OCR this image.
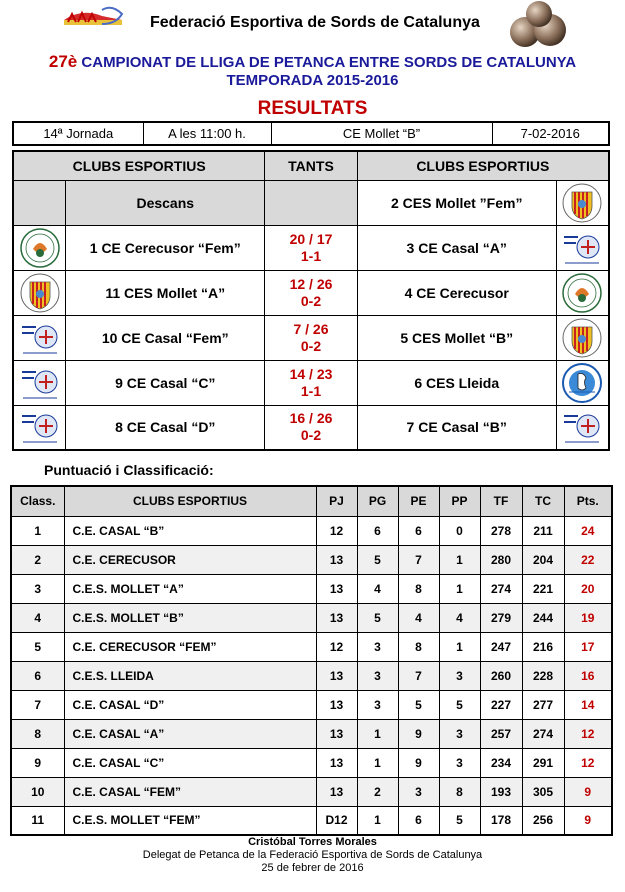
Federació Esportiva de Sords de Catalunya
27è CAMPIONAT DE LLIGA DE PETANCA ENTRE SORDS DE CATALUNYA
TEMPORADA 2015-2016
RESULTATS
14ª Jornada	A les 11:00 h.	CE Mollet “B”	7-02-2016
CLUBS ESPORTIUS		TANTS	CLUBS ESPORTIUS	
	Descans		2 CES Mollet ”Fem”	

	1 CE Cerecusor “Fem”	20 / 17
1-1	3 CE Casal “A”	

	11 CES Mollet “A”	12 / 26
0-2	4 CE Cerecusor	

	10 CE Casal “Fem”	7 / 26
0-2	5 CES Mollet “B”	

	9 CE Casal “C”	14 / 23
1-1	6 CES Lleida	

	8 CE Casal “D”	16 / 26
0-2	7 CE Casal “B”	
Puntuació i Classificació:
Class.	CLUBS ESPORTIUS	PJ	PG	PE	PP	TF	TC	Pts.
1	C.E. CASAL “B”	12	6	6	0	278	211	24
2	C.E. CERECUSOR	13	5	7	1	280	204	22
3	C.E.S. MOLLET “A”	13	4	8	1	274	221	20
4	C.E.S. MOLLET “B”	13	5	4	4	279	244	19
5	C.E. CERECUSOR “FEM”	12	3	8	1	247	216	17
6	C.E.S. LLEIDA	13	3	7	3	260	228	16
7	C.E. CASAL “D”	13	3	5	5	227	277	14
8	C.E. CASAL “A”	13	1	9	3	257	274	12
9	C.E. CASAL “C”	13	1	9	3	234	291	12
10	C.E. CASAL “FEM”	13	2	3	8	193	305	9
11	C.E.S. MOLLET “FEM”	D12	1	6	5	178	256	9
Cristóbal Torres Morales
Delegat de Petanca de la Federació Esportiva de Sords de Catalunya
25 de febrer de 2016
